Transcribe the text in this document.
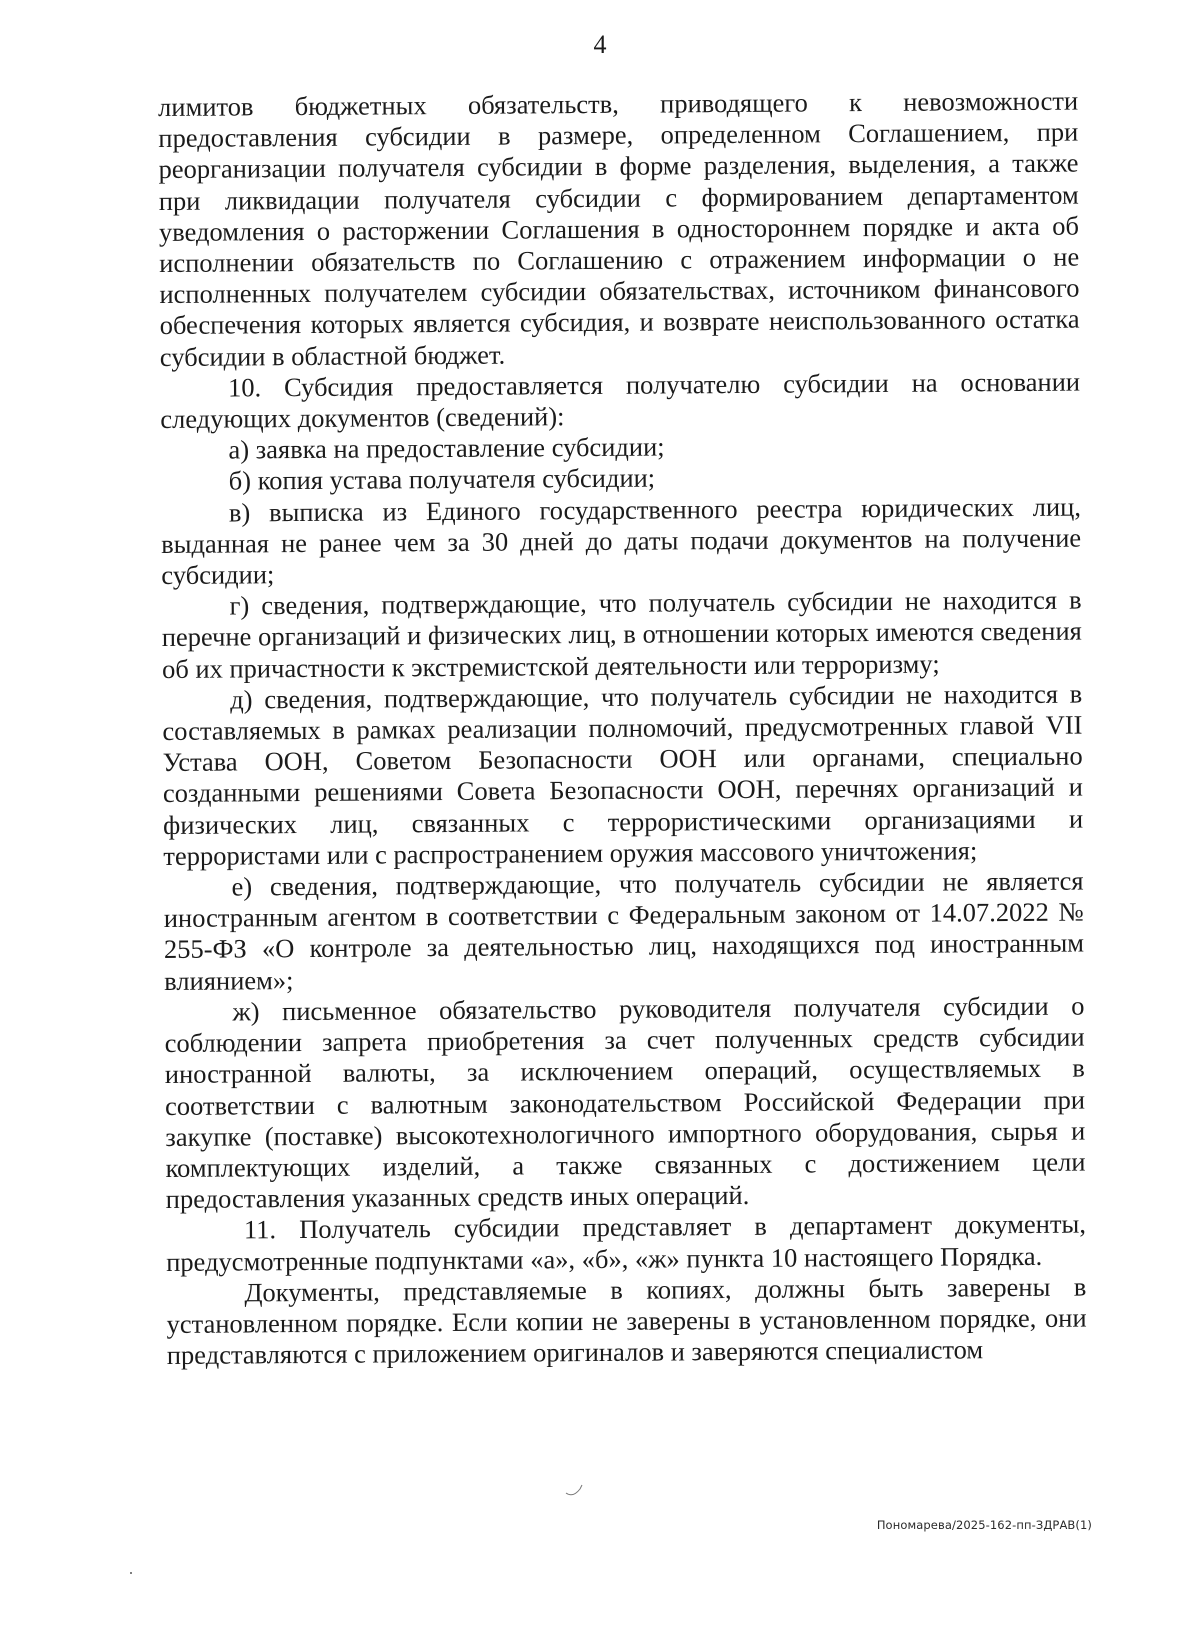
4

лимитов бюджетных обязательств, приводящего к невозможности предоставления субсидии в размере, определенном Соглашением, при реорганизации получателя субсидии в форме разделения, выделения, а также при ликвидации получателя субсидии с формированием департаментом уведомления о расторжении Соглашения в одностороннем порядке и акта об исполнении обязательств по Соглашению с отражением информации о не исполненных получателем субсидии обязательствах, источником финансового обеспечения которых является субсидия, и возврате неиспользованного остатка субсидии в областной бюджет.

10. Субсидия предоставляется получателю субсидии на основании следующих документов (сведений):

а) заявка на предоставление субсидии;

б) копия устава получателя субсидии;

в) выписка из Единого государственного реестра юридических лиц, выданная не ранее чем за 30 дней до даты подачи документов на получение субсидии;

г) сведения, подтверждающие, что получатель субсидии не находится в перечне организаций и физических лиц, в отношении которых имеются сведения об их причастности к экстремистской деятельности или терроризму;

д) сведения, подтверждающие, что получатель субсидии не находится в составляемых в рамках реализации полномочий, предусмотренных главой VII Устава ООН, Советом Безопасности ООН или органами, специально созданными решениями Совета Безопасности ООН, перечнях организаций и физических лиц, связанных с террористическими организациями и террористами или с распространением оружия массового уничтожения;

е) сведения, подтверждающие, что получатель субсидии не является иностранным агентом в соответствии с Федеральным законом от 14.07.2022 № 255-ФЗ «О контроле за деятельностью лиц, находящихся под иностранным влиянием»;

ж) письменное обязательство руководителя получателя субсидии о соблюдении запрета приобретения за счет полученных средств субсидии иностранной валюты, за исключением операций, осуществляемых в соответствии с валютным законодательством Российской Федерации при закупке (поставке) высокотехнологичного импортного оборудования, сырья и комплектующих изделий, а также связанных с достижением цели предоставления указанных средств иных операций.

11. Получатель субсидии представляет в департамент документы, предусмотренные подпунктами «а», «б», «ж» пункта 10 настоящего Порядка.

Документы, представляемые в копиях, должны быть заверены в установленном порядке. Если копии не заверены в установленном порядке, они представляются с приложением оригиналов и заверяются специалистом

Пономарева/2025-162-пп-ЗДРАВ(1)
